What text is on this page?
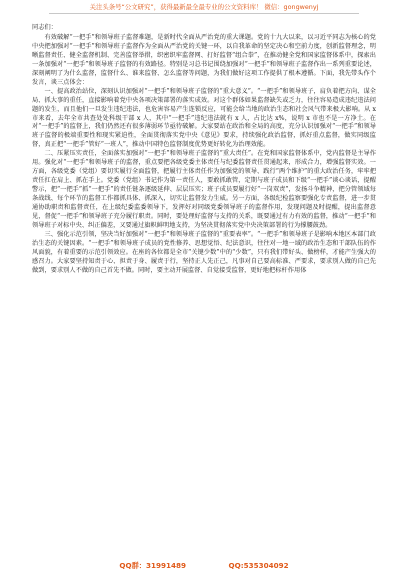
关注头条号“公文研究”，获得最新最全最专业的公文资料库！ 微信：gongwenyj

同志们：

有效破解“一把手”和领导班子监督难题，是新时代全面从严治党的重大课题。党的十九大以来，以习近平同志为核心的党中央把加强对“一把手”和领导班子监督作为全面从严治党的关键一环，以自我革命的坚定决心和空前力度，创新监督理念，明晰监督责任、健全监督机制、完善监督举措，织密织牢监督网、打好监督“组合拳”，在推动健全党和国家监督体系中，探索出一条加强对“一把手”和领导班子监督的有效路径。特别是习总书记围绕加强对“一把手”和领导班子监督作出一系列重要论述，深刻阐明了为什么监督，监督什么、谁来监督、怎么监督等问题，为我们做好这项工作提供了根本遵循。下面，我先带头作个发言，谈三点体会：

一、提高政治站位，深刻认识加强对“一把手”和领导班子监督的“重大意义”。“一把手”和领导班子，肩负着把方向、谋全局、抓大事的重任，直接影响着党中央各项决策部署的落实成效。对这个群体如果监督缺失或乏力，往往容易造成违纪违法问题的发生，而且他们一旦发生违纪违法，也危害容易产生连锁反应，可能会给当地的政治生态和社会风气带来极大影响。从 x 市来看，去年全市共查处处科级干部 x 人，其中“一把手”违纪违法就有 x 人，占比达 x%，说明 x 市也不是一方净土。在对“一把手”的监督上，我们仍然还有很多薄弱环节亟待破解。大家要站在政治和全局的高度，充分认识加强对“一把手”和领导班子监督的极端重要性和现实紧迫性，全面贯彻落实党中央《意见》要求，持续强化政治监督，抓好重点监督，做实同级监督，真正把“一把手”管好“一班人”，推动中国特色监督制度优势更好转化为治理效能。

二、压紧压实责任，全面落实加强对“一把手”和领导班子监督的“重大责任”。在党和国家监督体系中，党内监督是主导作用。强化对“一把手”和领导班子的监督，重点要把各级党委主体责任与纪委监督责任贯通起来，形成合力，增强监督实效。一方面，各级党委（党组）要切实履行全面监督，把履行主体责任作为加强党的领导、践行“两个维护”的重大政治任务，牢牢把责任扛在肩上、抓在手上。党委（党组）书记作为第一责任人，要敢抓敢管，定期与班子成员和下级“一把手”谈心谈话，提醒警示，把“一把手”抓“一把手”的责任链条逐级延伸、层层压实；班子成员要履行好“一岗双责”，发扬斗争精神，把分管领域每条战线、每个环节的监督工作都抓具体、抓深入，切实让监督发力生威。另一方面，各级纪检监察要强化专责监督，进一步贯通协助职责和监督责任，在上级纪委监委领导下，发挥好对同级党委领导班子的监督作用，发现问题及时提醒，提出监督意见，督促“一把手”和领导班子充分履行职责。同时，要处理好监督与支持的关系，既要通过有力有效的监督，推动“一把手”和领导班子对标中央、纠正偏差，又要通过旗帜鲜明地支持，为坚决贯彻落实党中央决策部署的行为撑腰鼓劲。

三、强化示范引领，坚决当好加强对“一把手”和领导班子监督的“重要表率”。“一把手”和领导班子是影响本地区本部门政治生态的关键因素。“一把手”和领导班子成员的党性修养、思想觉悟、纪法意识，往往对一地一域的政治生态和干部队伍的作风面貌，有着重要的示范引领效应。在座的各位都是全市“关键少数”中的“少数”，只有我们带好头、做榜样，才能产生强大的感召力。大家要坚持知责于心、担责于身、履责于行，坚持正人先正己，凡事对自己要高标准、严要求，要求别人做的自己先做到，要求别人不做的自己首先不做。同时，要主动开展监督、自觉接受监督，更好地把标杆作用体

QQ群：31991489	QQ:535304092
